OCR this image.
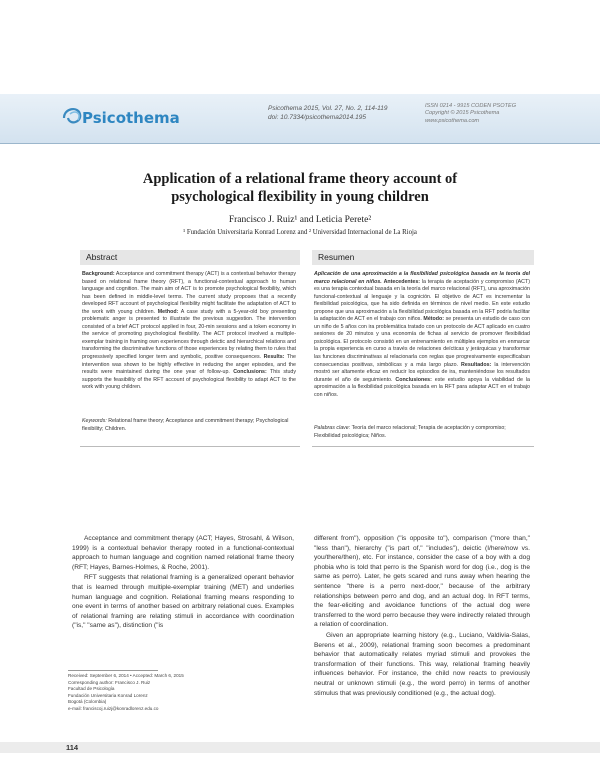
Psicothema
Psicothema 2015, Vol. 27, No. 2, 114-119
doi: 10.7334/psicothema2014.195
ISSN 0214 - 9915 CODEN PSOTEG
Copyright © 2015 Psicothema
www.psicothema.com
Application of a relational frame theory account of psychological flexibility in young children
Francisco J. Ruiz¹ and Leticia Perete²
¹ Fundación Universitaria Konrad Lorenz and ² Universidad Internacional de La Rioja
Abstract
Background: Acceptance and commitment therapy (ACT) is a contextual behavior therapy based on relational frame theory (RFT), a functional-contextual approach to human language and cognition. The main aim of ACT is to promote psychological flexibility, which has been defined in middle-level terms. The current study proposes that a recently developed RFT account of psychological flexibility might facilitate the adaptation of ACT to the work with young children. Method: A case study with a 5-year-old boy presenting problematic anger is presented to illustrate the previous suggestion. The intervention consisted of a brief ACT protocol applied in four, 20-min sessions and a token economy in the service of promoting psychological flexibility. The ACT protocol involved a multiple-exemplar training in framing own experiences through deictic and hierarchical relations and transforming the discriminative functions of those experiences by relating them to rules that progressively specified longer term and symbolic, positive consequences. Results: The intervention was shown to be highly effective in reducing the anger episodes, and the results were maintained during the one year of follow-up. Conclusions: This study supports the feasibility of the RFT account of psychological flexibility to adapt ACT to the work with young children.
Keywords: Relational frame theory; Acceptance and commitment therapy; Psychological flexibility; Children.
Resumen
Aplicación de una aproximación a la flexibilidad psicológica basada en la teoría del marco relacional en niños. Antecedentes: la terapia de aceptación y compromiso (ACT) es una terapia contextual basada en la teoría del marco relacional (RFT), una aproximación funcional-contextual al lenguaje y la cognición. El objetivo de ACT es incrementar la flexibilidad psicológica, que ha sido definida en términos de nivel medio. En este estudio propone que una aproximación a la flexibilidad psicológica basada en la RFT podría facilitar la adaptación de ACT en el trabajo con niños. Método: se presenta un estudio de caso con un niño de 5 años con ira problemática tratado con un protocolo de ACT aplicado en cuatro sesiones de 20 minutos y una economía de fichas al servicio de promover flexibilidad psicológica. El protocolo consistió en un entrenamiento en múltiples ejemplos en enmarcar la propia experiencia en curso a través de relaciones deícticas y jerárquicas y transformar las funciones discriminativas al relacionarla con reglas que progresivamente especificaban consecuencias positivas, simbólicas y a más largo plazo. Resultados: la intervención mostró ser altamente eficaz en reducir los episodios de ira, manteniéndose los resultados durante el año de seguimiento. Conclusiones: este estudio apoya la viabilidad de la aproximación a la flexibilidad psicológica basada en la RFT para adaptar ACT en el trabajo con niños.
Palabras clave: Teoría del marco relacional; Terapia de aceptación y compromiso; Flexibilidad psicológica; Niños.

Acceptance and commitment therapy (ACT; Hayes, Strosahl, & Wilson, 1999) is a contextual behavior therapy rooted in a functional-contextual approach to human language and cognition named relational frame theory (RFT; Hayes, Barnes-Holmes, & Roche, 2001).

RFT suggests that relational framing is a generalized operant behavior that is learned through multiple-exemplar training (MET) and underlies human language and cognition. Relational framing means responding to one event in terms of another based on arbitrary relational cues. Examples of relational framing are relating stimuli in accordance with coordination ("is," "same as"), distinction ("is

different from"), opposition ("is opposite to"), comparison ("more than," "less than"), hierarchy ("is part of," "includes"), deictic (I/here/now vs. you/there/then), etc. For instance, consider the case of a boy with a dog phobia who is told that perro is the Spanish word for dog (i.e., dog is the same as perro). Later, he gets scared and runs away when hearing the sentence "there is a perro next-door," because of the arbitrary relationships between perro and dog, and an actual dog. In RFT terms, the fear-eliciting and avoidance functions of the actual dog were transferred to the word perro because they were indirectly related through a relation of coordination.

Given an appropriate learning history (e.g., Luciano, Valdivia-Salas, Berens et al., 2009), relational framing soon becomes a predominant behavior that automatically relates myriad stimuli and provokes the transformation of their functions. This way, relational framing heavily influences behavior. For instance, the child now reacts to previously neutral or unknown stimuli (e.g., the word perro) in terms of another stimulus that was previously conditioned (e.g., the actual dog).

Received: September 6, 2014 • Accepted: March 6, 2015
Corresponding author: Francisco J. Ruiz
Facultad de Psicología
Fundación Universitaria Konrad Lorenz
Bogotá (Colombia)
e-mail: franciscoj.ruizj@konradlorenz.edu.co
114
